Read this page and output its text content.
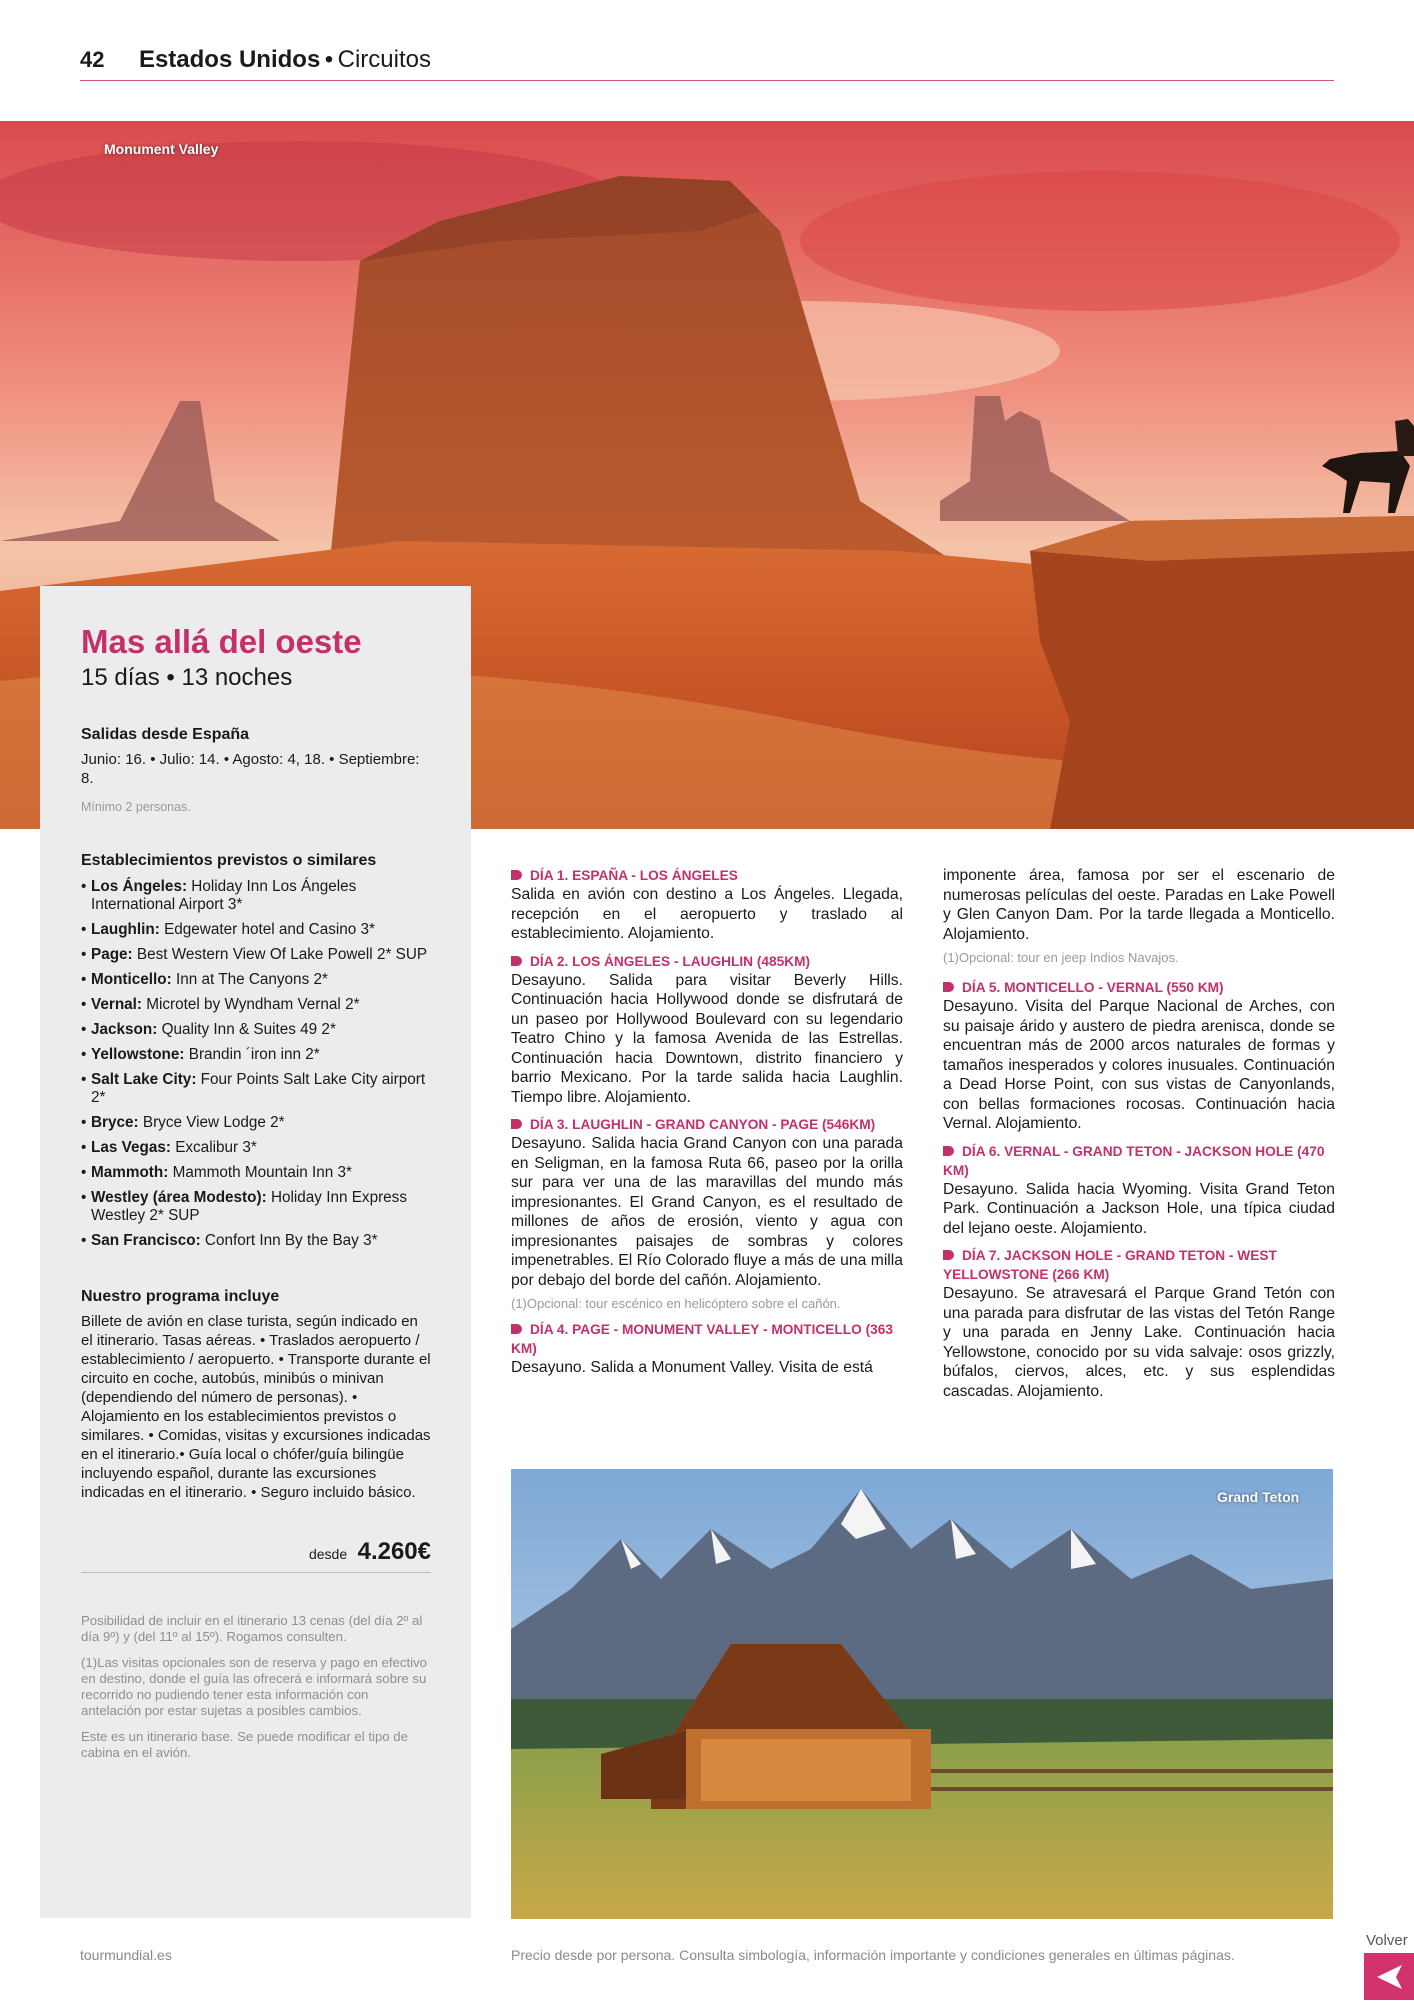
42 Estados Unidos • Circuitos
Monument Valley
Mas allá del oeste
15 días • 13 noches
Salidas desde España
Junio: 16. • Julio: 14. • Agosto: 4, 18. • Septiembre: 8.
Mínimo 2 personas.
Establecimientos previstos o similares
• Los Ángeles: Holiday Inn Los Ángeles International Airport 3*
• Laughlin: Edgewater hotel and Casino 3*
• Page: Best Western View Of Lake Powell 2* SUP
• Monticello: Inn at The Canyons 2*
• Vernal: Microtel by Wyndham Vernal 2*
• Jackson: Quality Inn & Suites 49 2*
• Yellowstone: Brandin ´iron inn 2*
• Salt Lake City: Four Points Salt Lake City airport 2*
• Bryce: Bryce View Lodge 2*
• Las Vegas: Excalibur 3*
• Mammoth: Mammoth Mountain Inn 3*
• Westley (área Modesto): Holiday Inn Express Westley 2* SUP
• San Francisco: Confort Inn By the Bay 3*
Nuestro programa incluye
Billete de avión en clase turista, según indicado en el itinerario. Tasas aéreas. • Traslados aeropuerto / establecimiento / aeropuerto. • Transporte durante el circuito en coche, autobús, minibús o minivan (dependiendo del número de personas). • Alojamiento en los establecimientos previstos o similares. • Comidas, visitas y excursiones indicadas en el itinerario.• Guía local o chófer/guía bilingüe incluyendo español, durante las excursiones indicadas en el itinerario. • Seguro incluido básico.
desde 4.260€
Posibilidad de incluir en el itinerario 13 cenas (del día 2º al día 9º) y (del 11º al 15º). Rogamos consulten.
(1)Las visitas opcionales son de reserva y pago en efectivo en destino, donde el guía las ofrecerá e informará sobre su recorrido no pudiendo tener esta información con antelación por estar sujetas a posibles cambios.
Este es un itinerario base. Se puede modificar el tipo de cabina en el avión.
DÍA 1. ESPAÑA - LOS ÁNGELES
Salida en avión con destino a Los Ángeles. Llegada, recepción en el aeropuerto y traslado al establecimiento. Alojamiento.
DÍA 2. LOS ÁNGELES - LAUGHLIN (485KM)
Desayuno. Salida para visitar Beverly Hills. Continuación hacia Hollywood donde se disfrutará de un paseo por Hollywood Boulevard con su legendario Teatro Chino y la famosa Avenida de las Estrellas. Continuación hacia Downtown, distrito financiero y barrio Mexicano. Por la tarde salida hacia Laughlin. Tiempo libre. Alojamiento.
DÍA 3. LAUGHLIN - GRAND CANYON - PAGE (546KM)
Desayuno. Salida hacia Grand Canyon con una parada en Seligman, en la famosa Ruta 66, paseo por la orilla sur para ver una de las maravillas del mundo más impresionantes. El Grand Canyon, es el resultado de millones de años de erosión, viento y agua con impresionantes paisajes de sombras y colores impenetrables. El Río Colorado fluye a más de una milla por debajo del borde del cañón. Alojamiento.
(1)Opcional: tour escénico en helicóptero sobre el cañón.
DÍA 4. PAGE - MONUMENT VALLEY - MONTICELLO (363 KM)
Desayuno. Salida a Monument Valley. Visita de está
imponente área, famosa por ser el escenario de numerosas películas del oeste. Paradas en Lake Powell y Glen Canyon Dam. Por la tarde llegada a Monticello. Alojamiento.
(1)Opcional: tour en jeep Indios Navajos.
DÍA 5. MONTICELLO - VERNAL (550 KM)
Desayuno. Visita del Parque Nacional de Arches, con su paisaje árido y austero de piedra arenisca, donde se encuentran más de 2000 arcos naturales de formas y tamaños inesperados y colores inusuales. Continuación a Dead Horse Point, con sus vistas de Canyonlands, con bellas formaciones rocosas. Continuación hacia Vernal. Alojamiento.
DÍA 6. VERNAL - GRAND TETON - JACKSON HOLE (470 KM)
Desayuno. Salida hacia Wyoming. Visita Grand Teton Park. Continuación a Jackson Hole, una típica ciudad del lejano oeste. Alojamiento.
DÍA 7. JACKSON HOLE - GRAND TETON - WEST YELLOWSTONE (266 KM)
Desayuno. Se atravesará el Parque Grand Tetón con una parada para disfrutar de las vistas del Tetón Range y una parada en Jenny Lake. Continuación hacia Yellowstone, conocido por su vida salvaje: osos grizzly, búfalos, ciervos, alces, etc. y sus esplendidas cascadas. Alojamiento.
Grand Teton
tourmundial.es	Precio desde por persona. Consulta simbología, información importante y condiciones generales en últimas páginas.
Volver
